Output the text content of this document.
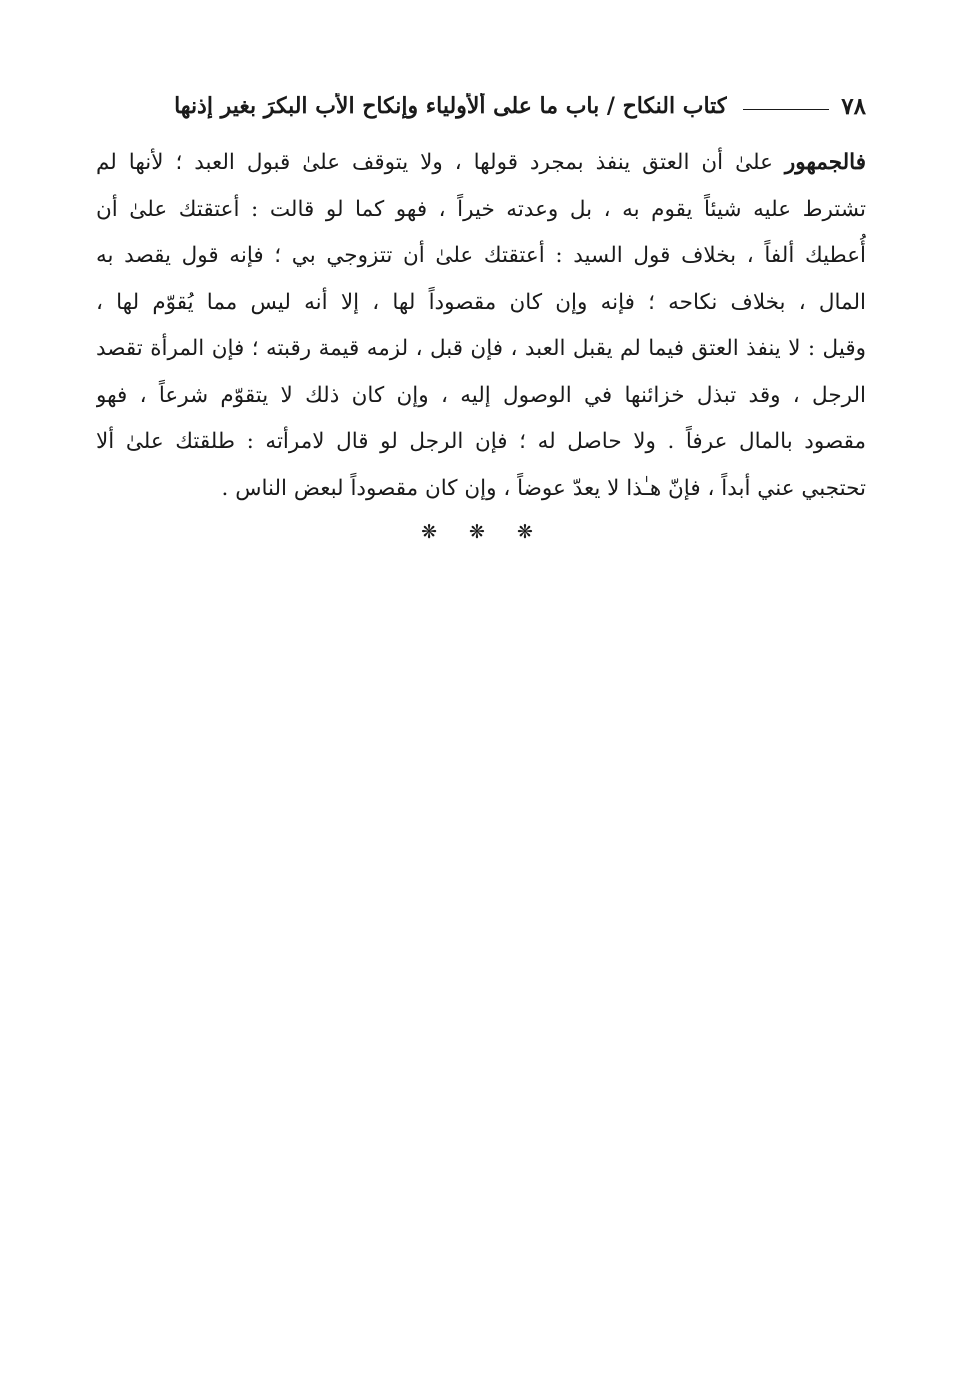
٧٨
كتاب النكاح / باب ما على ألأولياء وإنكاح الأب البكرَ بغير إذنها
فالجمهور علىٰ أن العتق ينفذ بمجرد قولها ، ولا يتوقف علىٰ قبول العبد ؛ لأنها لم
تشترط عليه شيئاً يقوم به ، بل وعدته خيراً ، فهو كما لو قالت : أعتقتك علىٰ أن
أُعطيك ألفاً ، بخلاف قول السيد : أعتقتك علىٰ أن تتزوجي بي ؛ فإنه قول يقصد به
المال ، بخلاف نكاحه ؛ فإنه وإن كان مقصوداً لها ، إلا أنه ليس مما يُقوّم لها ،
وقيل : لا ينفذ العتق فيما لم يقبل العبد ، فإن قبل ، لزمه قيمة رقبته ؛ فإن المرأة تقصد
الرجل ، وقد تبذل خزائنها في الوصول إليه ، وإن كان ذلك لا يتقوّم شرعاً ، فهو
مقصود بالمال عرفاً . ولا حاصل له ؛ فإن الرجل لو قال لامرأته : طلقتك علىٰ ألا
تحتجبي عني أبداً ، فإنّ هـٰذا لا يعدّ عوضاً ، وإن كان مقصوداً لبعض الناس .
❋ ❋ ❋
